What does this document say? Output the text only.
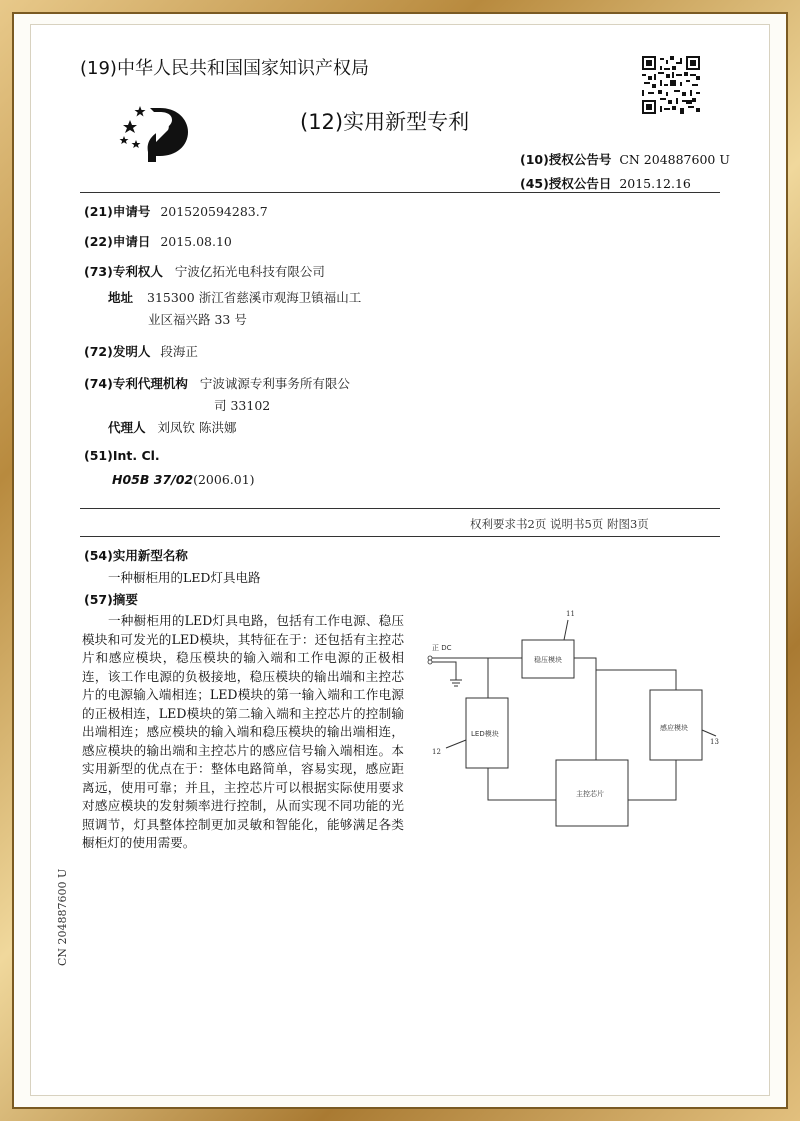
(19)中华人民共和国国家知识产权局
(12)实用新型专利
(10)授权公告号 CN 204887600 U
(45)授权公告日 2015.12.16
(21)申请号 201520594283.7
(22)申请日 2015.08.10
(73)专利权人 宁波亿拓光电科技有限公司
地址 315300 浙江省慈溪市观海卫镇福山工
业区福兴路 33 号
(72)发明人 段海正
(74)专利代理机构 宁波诚源专利事务所有限公
司 33102
代理人 刘凤钦 陈洪娜
(51)Int. Cl.
H05B 37/02(2006.01)
权利要求书2页 说明书5页 附图3页
(54)实用新型名称
一种橱柜用的LED灯具电路
(57)摘要
一种橱柜用的LED灯具电路，包括有工作电源、稳压模块和可发光的LED模块，其特征在于：还包括有主控芯片和感应模块，稳压模块的输入端和工作电源的正极相连，该工作电源的负极接地，稳压模块的输出端和主控芯片的电源输入端相连；LED模块的第一输入端和工作电源的正极相连，LED模块的第二输入端和主控芯片的控制输出端相连；感应模块的输入端和稳压模块的输出端相连，感应模块的输出端和主控芯片的感应信号输入端相连。本实用新型的优点在于：整体电路简单，容易实现，感应距离远，使用可靠；并且，主控芯片可以根据实际使用要求对感应模块的发射频率进行控制，从而实现不同功能的光照调节，灯具整体控制更加灵敏和智能化，能够满足各类橱柜灯的使用需要。
正 DC
稳压模块
LED模块
感应模块
主控芯片
11
12
13
CN 204887600 U
